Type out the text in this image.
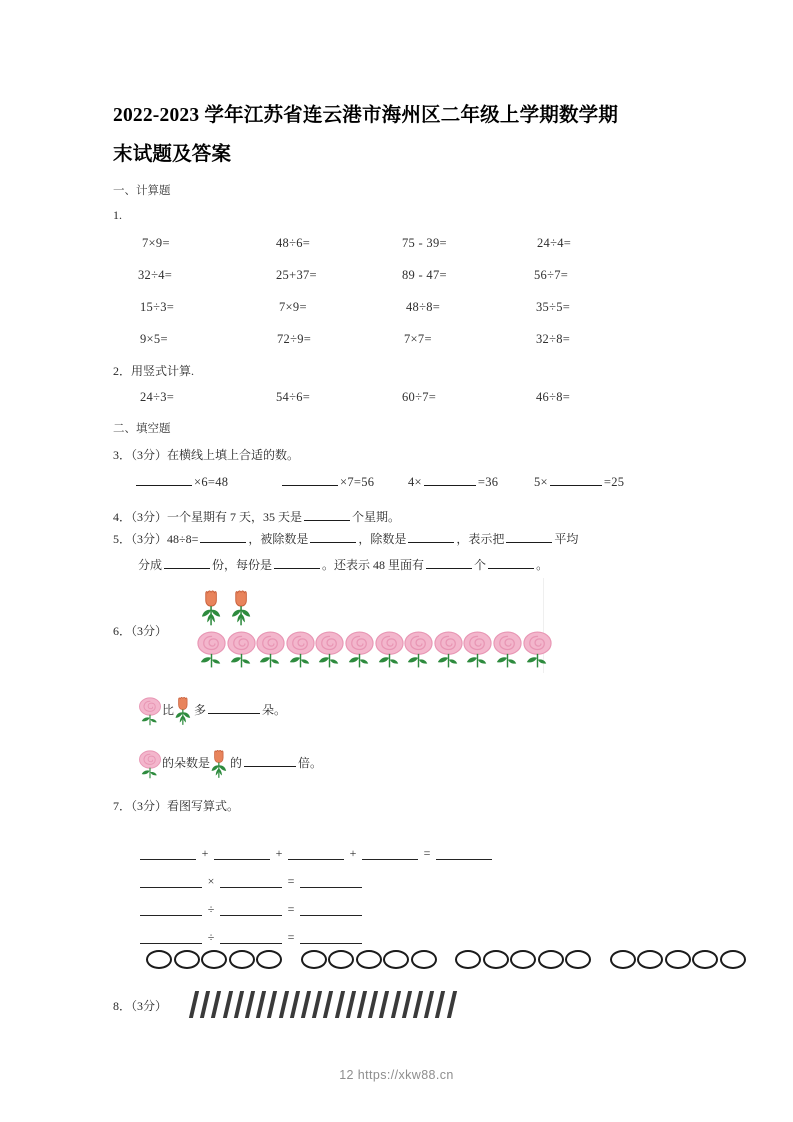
2022-2023 学年江苏省连云港市海州区二年级上学期数学期
末试题及答案
一、计算题
1.
7×9=	48÷6=	75 - 39=	24÷4=
32÷4=	25+37=	89 - 47=	56÷7=
15÷3=	7×9=	48÷8=	35÷5=
9×5=	72÷9=	7×7=	32÷8=
2．用竖式计算.
24÷3=	54÷6=	60÷7=	46÷8=
二、填空题
3．（3分）在横线上填上合适的数。
×6=48	×7=56	4×	=36	5×	=25
4．（3分）一个星期有 7 天，35 天是	个星期。
5．（3分）48÷8=	，被除数是	，除数是	，表示把	平均
分成	份，每份是	。还表示 48 里面有	个	。
6．（3分）
比 多	朵。
的朵数是 的	倍。
7．（3分）看图写算式。
+	+	+	=
×	=
÷	=
÷	=
8．（3分）
12 https://xkw88.cn
